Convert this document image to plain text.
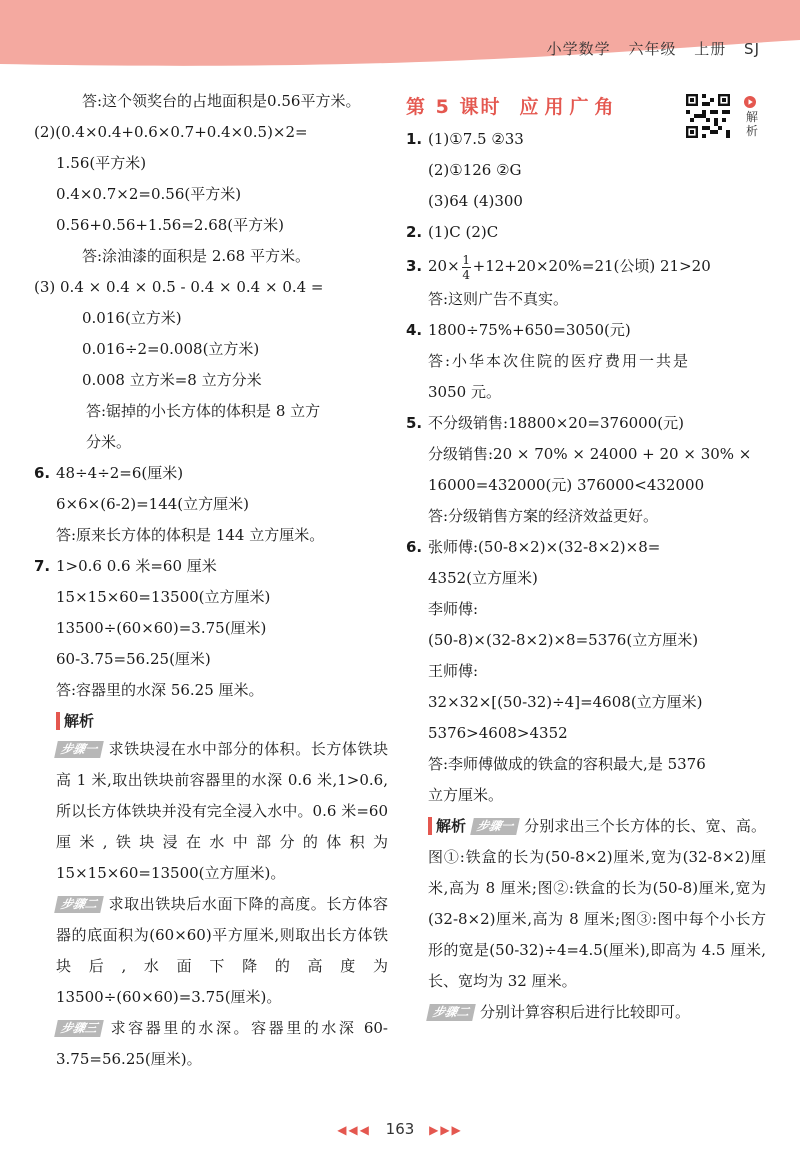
小学数学 六年级 上册 SJ
答:这个领奖台的占地面积是0.56平方米。
(2)(0.4×0.4+0.6×0.7+0.4×0.5)×2=
1.56(平方米)
0.4×0.7×2=0.56(平方米)
0.56+0.56+1.56=2.68(平方米)
答:涂油漆的面积是 2.68 平方米。
(3) 0.4 × 0.4 × 0.5 - 0.4 × 0.4 × 0.4 =
0.016(立方米)
0.016÷2=0.008(立方米)
0.008 立方米=8 立方分米
答:锯掉的小长方体的体积是 8 立方
分米。
6. 48÷4÷2=6(厘米)
6×6×(6-2)=144(立方厘米)
答:原来长方体的体积是 144 立方厘米。
7. 1>0.6 0.6 米=60 厘米
15×15×60=13500(立方厘米)
13500÷(60×60)=3.75(厘米)
60-3.75=56.25(厘米)
答:容器里的水深 56.25 厘米。
解析
步骤一 求铁块浸在水中部分的体积。长方体铁块高 1 米,取出铁块前容器里的水深 0.6 米,1>0.6,所以长方体铁块并没有完全浸入水中。0.6 米=60 厘米,铁块浸在水中部分的体积为 15×15×60=13500(立方厘米)。
步骤二 求取出铁块后水面下降的高度。长方体容器的底面积为(60×60)平方厘米,则取出长方体铁块后,水面下降的高度为 13500÷(60×60)=3.75(厘米)。
步骤三 求容器里的水深。容器里的水深 60-3.75=56.25(厘米)。
第 5 课时 应用广角
1. (1)①7.5 ②33
(2)①126 ②G
(3)64 (4)300
2. (1)C (2)C
3. $20\times \frac{1}{4} +12+20\times 20\%=21$(公顷) 21>20
答:这则广告不真实。
4. 1800÷75%+650=3050(元)
答:小华本次住院的医疗费用一共是
3050 元。
5. 不分级销售:18800×20=376000(元)
分级销售:20 × 70% × 24000 + 20 × 30% ×
16000=432000(元) 376000<432000
答:分级销售方案的经济效益更好。
6. 张师傅:(50-8×2)×(32-8×2)×8=
4352(立方厘米)
李师傅:
(50-8)×(32-8×2)×8=5376(立方厘米)
王师傅:
32×32×[(50-32)÷4]=4608(立方厘米)
5376>4608>4352
答:李师傅做成的铁盒的容积最大,是 5376
立方厘米。
解析 步骤一 分别求出三个长方体的长、宽、高。图①:铁盒的长为(50-8×2)厘米,宽为(32-8×2)厘米,高为 8 厘米;图②:铁盒的长为(50-8)厘米,宽为(32-8×2)厘米,高为 8 厘米;图③:图中每个小长方形的宽是(50-32)÷4=4.5(厘米),即高为 4.5 厘米,长、宽均为 32 厘米。
步骤二 分别计算容积后进行比较即可。
解析
◀◀◀ 163 ▶▶▶
